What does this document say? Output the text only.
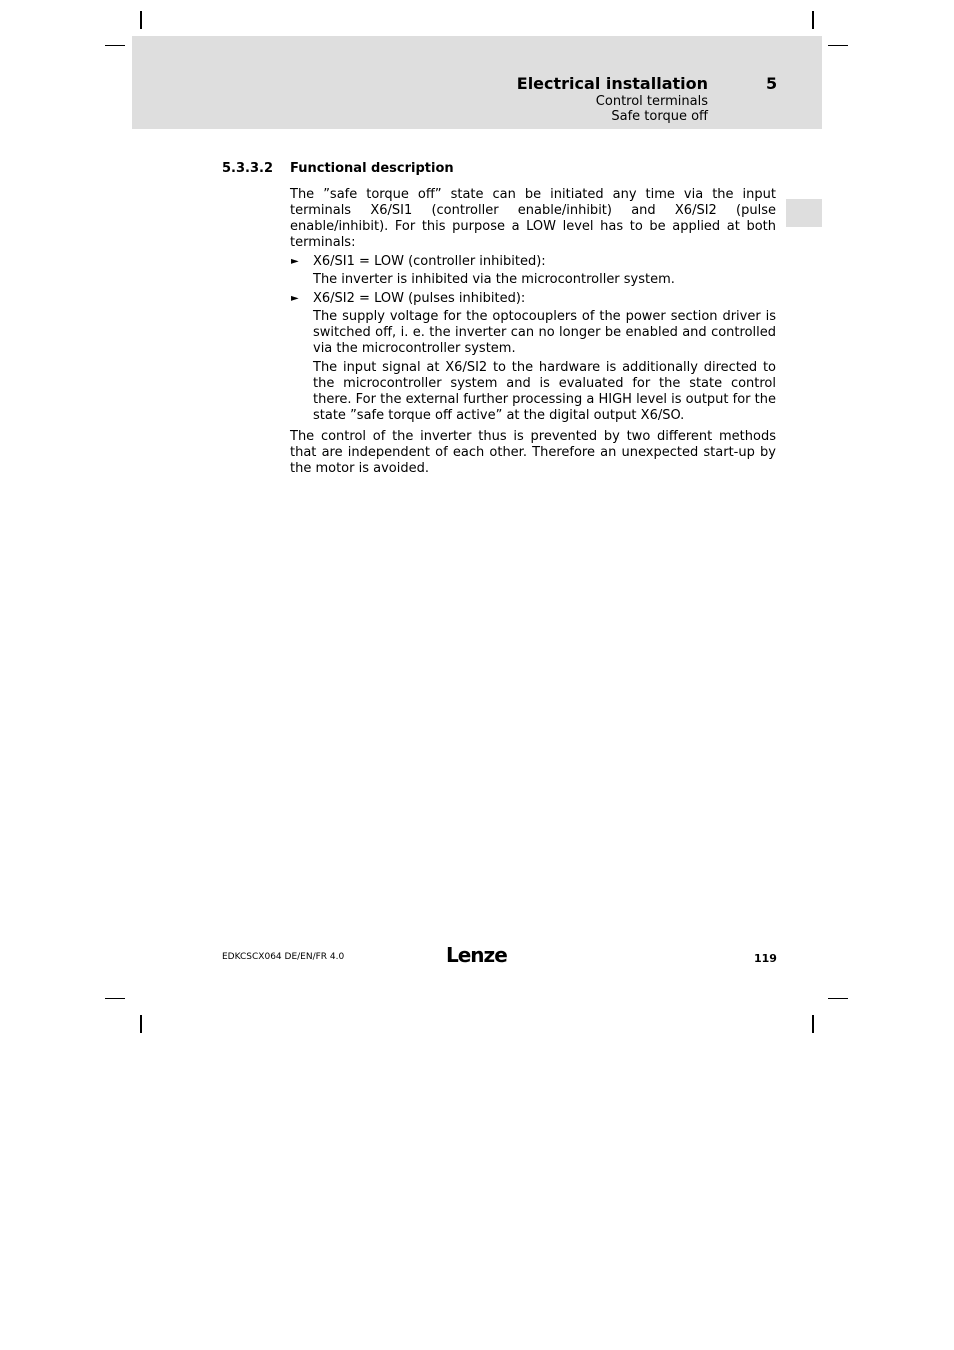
Electrical installation	5
Control terminals
Safe torque off
5.3.3.2 Functional description

The ”safe torque off” state can be initiated any time via the input terminals X6/SI1 (controller enable/inhibit) and X6/SI2 (pulse enable/inhibit). For this purpose a LOW level has to be applied at both terminals:

► X6/SI1 = LOW (controller inhibited):

The inverter is inhibited via the microcontroller system.

► X6/SI2 = LOW (pulses inhibited):

The supply voltage for the optocouplers of the power section driver is switched off, i. e. the inverter can no longer be enabled and controlled via the microcontroller system.

The input signal at X6/SI2 to the hardware is additionally directed to the microcontroller system and is evaluated for the state control there. For the external further processing a HIGH level is output for the state ”safe torque off active” at the digital output X6/SO.

The control of the inverter thus is prevented by two different methods that are independent of each other. Therefore an unexpected start-up by the motor is avoided.

EDKCSCX064 DE/EN/FR 4.0	Lenze	119
